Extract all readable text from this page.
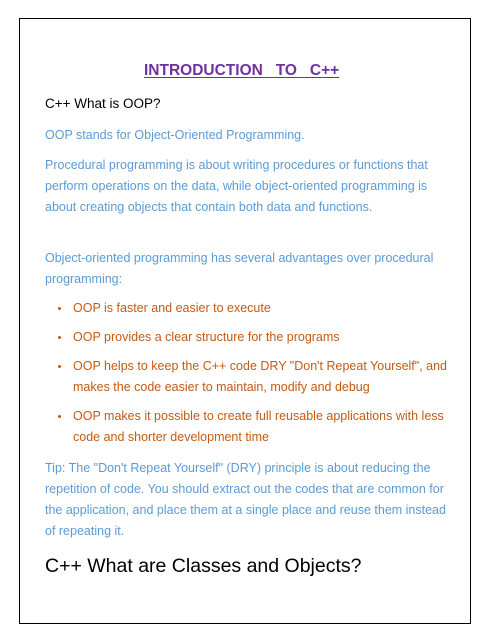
INTRODUCTION   TO   C++
C++ What is OOP?

OOP stands for Object-Oriented Programming.

Procedural programming is about writing procedures or functions that perform operations on the data, while object-oriented programming is about creating objects that contain both data and functions.

Object-oriented programming has several advantages over procedural programming:

OOP is faster and easier to execute
OOP provides a clear structure for the programs
OOP helps to keep the C++ code DRY "Don't Repeat Yourself", and makes the code easier to maintain, modify and debug
OOP makes it possible to create full reusable applications with less code and shorter development time

Tip: The "Don't Repeat Yourself" (DRY) principle is about reducing the repetition of code. You should extract out the codes that are common for the application, and place them at a single place and reuse them instead of repeating it.

C++ What are Classes and Objects?
